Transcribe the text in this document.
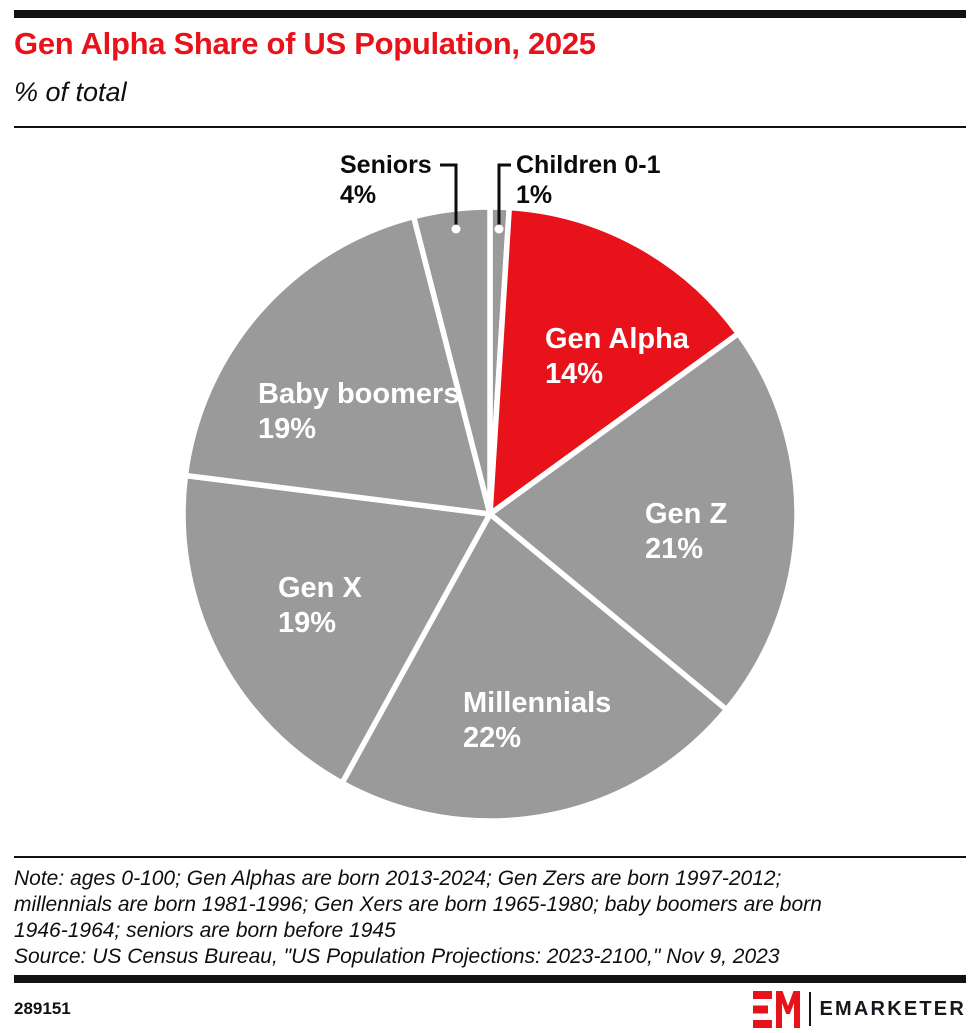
Gen Alpha Share of US Population, 2025
% of total
Children 0-1 1%
Gen Alpha 14%
Gen Z 21%
Millennials 22%
Gen X 19%
Baby boomers 19%
Seniors 4%

Note: ages 0-100; Gen Alphas are born 2013-2024; Gen Zers are born 1997-2012; millennials are born 1981-1996; Gen Xers are born 1965-1980; baby boomers are born 1946-1964; seniors are born before 1945

Source: US Census Bureau, "US Population Projections: 2023-2100," Nov 9, 2023

289151	EMARKETER
